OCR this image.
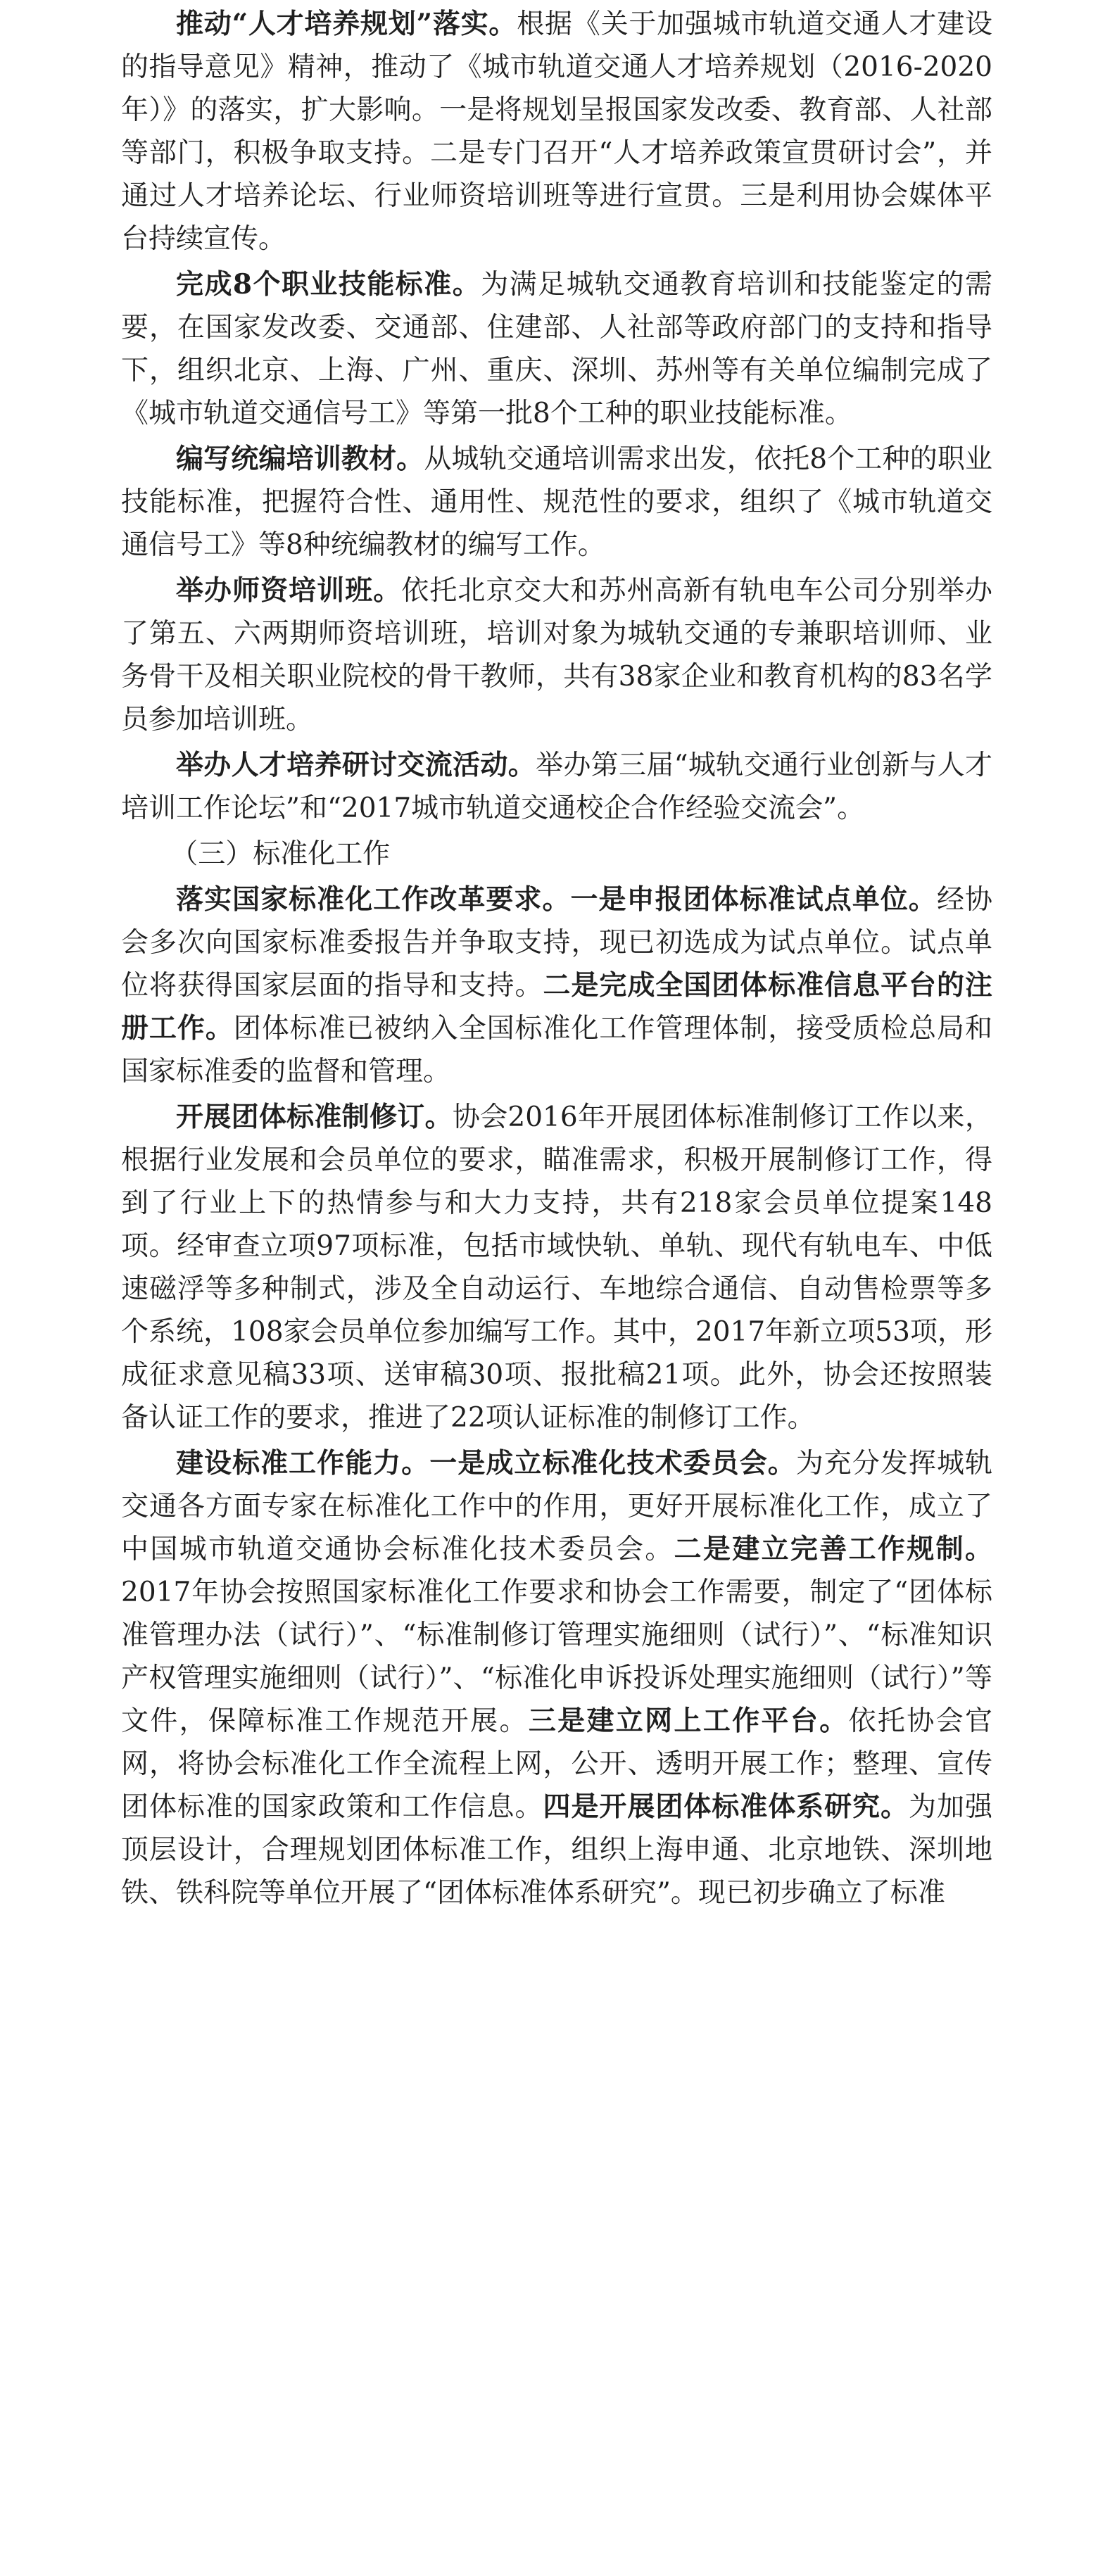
推动“人才培养规划”落实。根据《关于加强城市轨道交通人才建设的指导意见》精神，推动了《城市轨道交通人才培养规划（2016-2020年）》的落实，扩大影响。一是将规划呈报国家发改委、教育部、人社部等部门，积极争取支持。二是专门召开“人才培养政策宣贯研讨会”，并通过人才培养论坛、行业师资培训班等进行宣贯。三是利用协会媒体平台持续宣传。

完成8个职业技能标准。为满足城轨交通教育培训和技能鉴定的需要，在国家发改委、交通部、住建部、人社部等政府部门的支持和指导下，组织北京、上海、广州、重庆、深圳、苏州等有关单位编制完成了《城市轨道交通信号工》等第一批8个工种的职业技能标准。

编写统编培训教材。从城轨交通培训需求出发，依托8个工种的职业技能标准，把握符合性、通用性、规范性的要求，组织了《城市轨道交通信号工》等8种统编教材的编写工作。

举办师资培训班。依托北京交大和苏州高新有轨电车公司分别举办了第五、六两期师资培训班，培训对象为城轨交通的专兼职培训师、业务骨干及相关职业院校的骨干教师，共有38家企业和教育机构的83名学员参加培训班。

举办人才培养研讨交流活动。举办第三届“城轨交通行业创新与人才培训工作论坛”和“2017城市轨道交通校企合作经验交流会”。

（三）标准化工作

落实国家标准化工作改革要求。一是申报团体标准试点单位。经协会多次向国家标准委报告并争取支持，现已初选成为试点单位。试点单位将获得国家层面的指导和支持。二是完成全国团体标准信息平台的注册工作。团体标准已被纳入全国标准化工作管理体制，接受质检总局和国家标准委的监督和管理。

开展团体标准制修订。协会2016年开展团体标准制修订工作以来，根据行业发展和会员单位的要求，瞄准需求，积极开展制修订工作，得到了行业上下的热情参与和大力支持，共有218家会员单位提案148项。经审查立项97项标准，包括市域快轨、单轨、现代有轨电车、中低速磁浮等多种制式，涉及全自动运行、车地综合通信、自动售检票等多个系统，108家会员单位参加编写工作。其中，2017年新立项53项，形成征求意见稿33项、送审稿30项、报批稿21项。此外，协会还按照装备认证工作的要求，推进了22项认证标准的制修订工作。

建设标准工作能力。一是成立标准化技术委员会。为充分发挥城轨交通各方面专家在标准化工作中的作用，更好开展标准化工作，成立了中国城市轨道交通协会标准化技术委员会。二是建立完善工作规制。2017年协会按照国家标准化工作要求和协会工作需要，制定了“团体标准管理办法（试行）”、“标准制修订管理实施细则（试行）”、“标准知识产权管理实施细则（试行）”、“标准化申诉投诉处理实施细则（试行）”等文件，保障标准工作规范开展。三是建立网上工作平台。依托协会官网，将协会标准化工作全流程上网，公开、透明开展工作；整理、宣传团体标准的国家政策和工作信息。四是开展团体标准体系研究。为加强顶层设计，合理规划团体标准工作，组织上海申通、北京地铁、深圳地铁、铁科院等单位开展了“团体标准体系研究”。现已初步确立了标准
